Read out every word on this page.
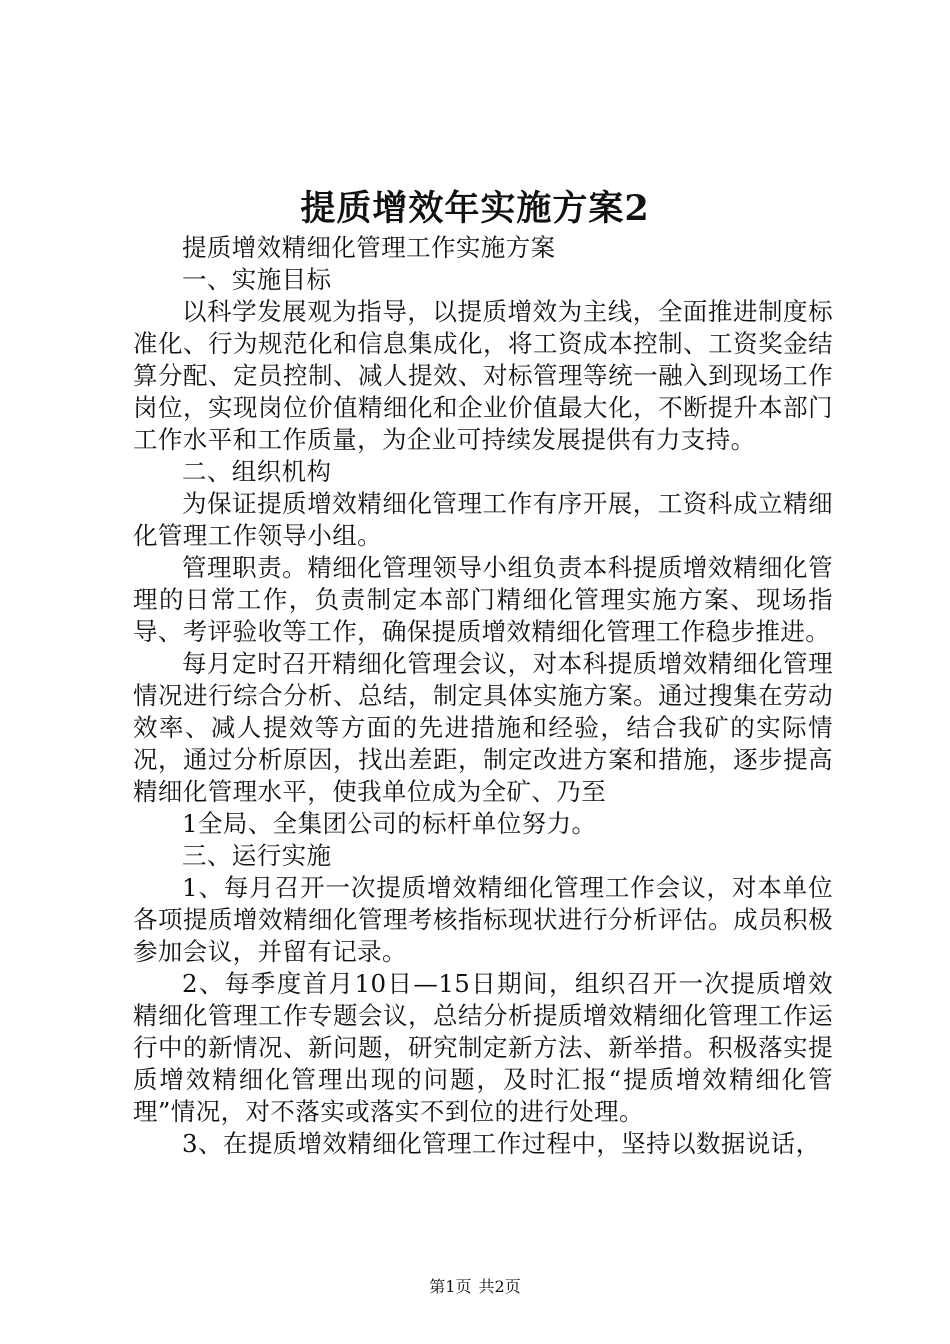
提质增效年实施方案2

提质增效精细化管理工作实施方案

一、实施目标

以科学发展观为指导，以提质增效为主线，全面推进制度标准化、行为规范化和信息集成化，将工资成本控制、工资奖金结算分配、定员控制、减人提效、对标管理等统一融入到现场工作岗位，实现岗位价值精细化和企业价值最大化，不断提升本部门工作水平和工作质量，为企业可持续发展提供有力支持。

二、组织机构

为保证提质增效精细化管理工作有序开展，工资科成立精细化管理工作领导小组。

管理职责。精细化管理领导小组负责本科提质增效精细化管理的日常工作，负责制定本部门精细化管理实施方案、现场指导、考评验收等工作，确保提质增效精细化管理工作稳步推进。

每月定时召开精细化管理会议，对本科提质增效精细化管理情况进行综合分析、总结，制定具体实施方案。通过搜集在劳动效率、减人提效等方面的先进措施和经验，结合我矿的实际情况，通过分析原因，找出差距，制定改进方案和措施，逐步提高精细化管理水平，使我单位成为全矿、乃至

1全局、全集团公司的标杆单位努力。

三、运行实施

1、每月召开一次提质增效精细化管理工作会议，对本单位各项提质增效精细化管理考核指标现状进行分析评估。成员积极参加会议，并留有记录。

2、每季度首月10日—15日期间，组织召开一次提质增效精细化管理工作专题会议，总结分析提质增效精细化管理工作运行中的新情况、新问题，研究制定新方法、新举措。积极落实提质增效精细化管理出现的问题，及时汇报“提质增效精细化管理”情况，对不落实或落实不到位的进行处理。

3、在提质增效精细化管理工作过程中，坚持以数据说话，

第1页 共2页
